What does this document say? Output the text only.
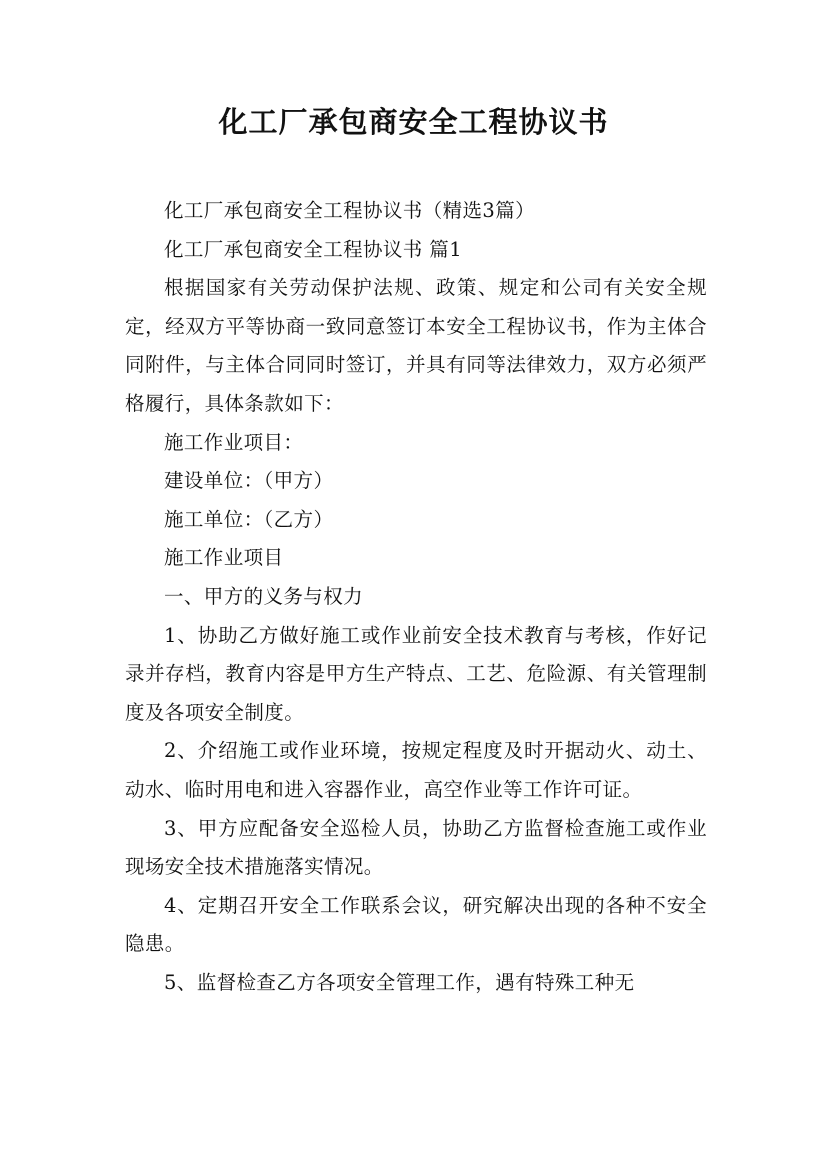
化工厂承包商安全工程协议书

化工厂承包商安全工程协议书（精选3篇）

化工厂承包商安全工程协议书 篇1

根据国家有关劳动保护法规、政策、规定和公司有关安全规定，经双方平等协商一致同意签订本安全工程协议书，作为主体合同附件，与主体合同同时签订，并具有同等法律效力，双方必须严格履行，具体条款如下：

施工作业项目：

建设单位：（甲方）

施工单位：（乙方）

施工作业项目

一、甲方的义务与权力

1、协助乙方做好施工或作业前安全技术教育与考核，作好记录并存档，教育内容是甲方生产特点、工艺、危险源、有关管理制度及各项安全制度。

2、介绍施工或作业环境，按规定程度及时开据动火、动土、动水、临时用电和进入容器作业，高空作业等工作许可证。

3、甲方应配备安全巡检人员，协助乙方监督检查施工或作业现场安全技术措施落实情况。

4、定期召开安全工作联系会议，研究解决出现的各种不安全隐患。

5、监督检查乙方各项安全管理工作，遇有特殊工种无
